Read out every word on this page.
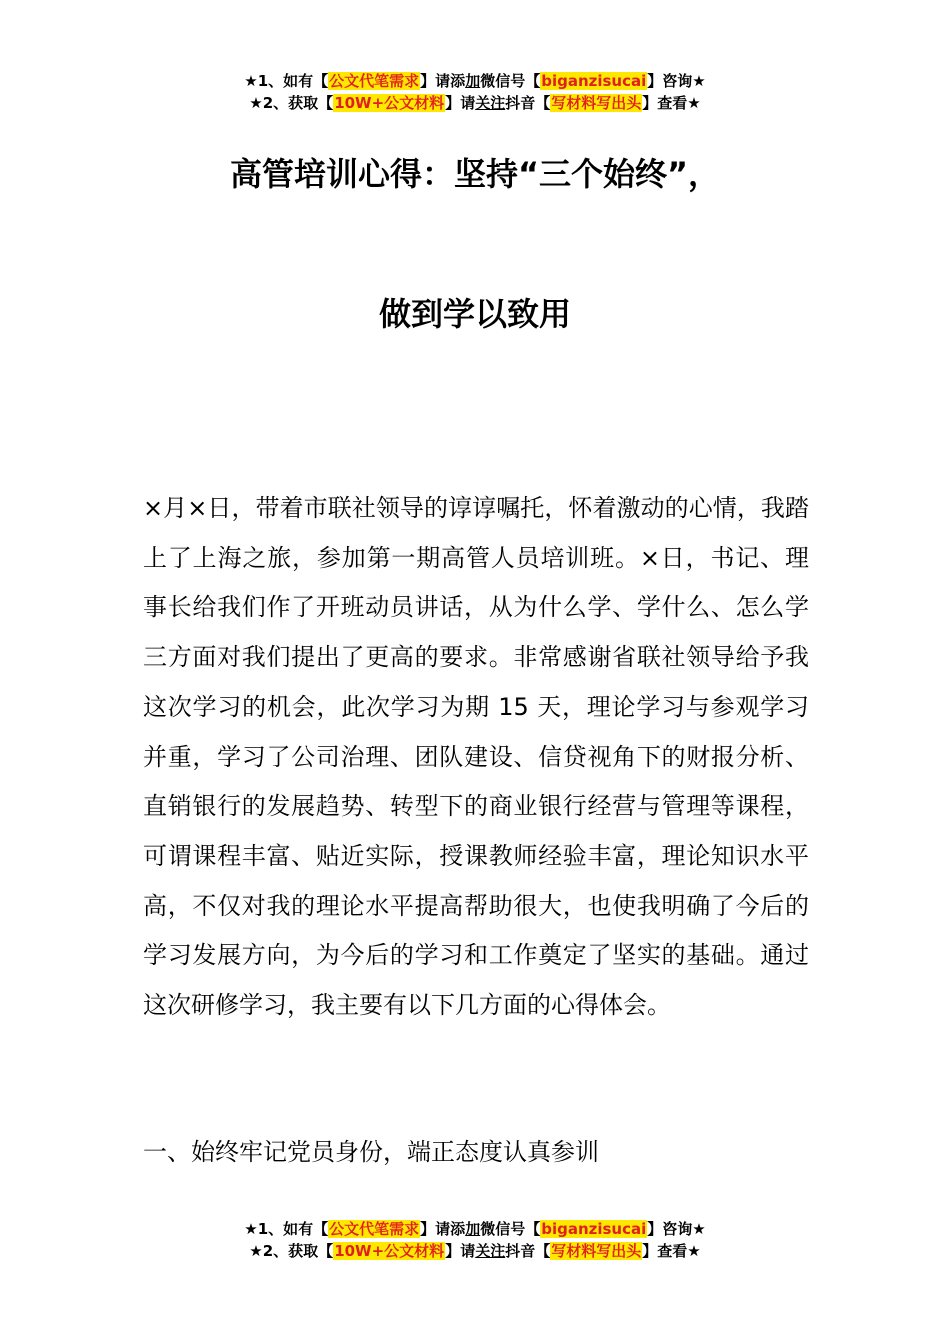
★1、如有【公文代笔需求】请添加微信号【biganzisucai】咨询★
★2、获取【10W+公文材料】请关注抖音【写材料写出头】查看★
高管培训心得：坚持“三个始终”，
做到学以致用

×月×日，带着市联社领导的谆谆嘱托，怀着激动的心情，我踏上了上海之旅，参加第一期高管人员培训班。×日，书记、理事长给我们作了开班动员讲话，从为什么学、学什么、怎么学三方面对我们提出了更高的要求。非常感谢省联社领导给予我这次学习的机会，此次学习为期 15 天，理论学习与参观学习并重，学习了公司治理、团队建设、信贷视角下的财报分析、直销银行的发展趋势、转型下的商业银行经营与管理等课程，可谓课程丰富、贴近实际，授课教师经验丰富，理论知识水平高，不仅对我的理论水平提高帮助很大，也使我明确了今后的学习发展方向，为今后的学习和工作奠定了坚实的基础。通过这次研修学习，我主要有以下几方面的心得体会。

一、始终牢记党员身份，端正态度认真参训

★1、如有【公文代笔需求】请添加微信号【biganzisucai】咨询★
★2、获取【10W+公文材料】请关注抖音【写材料写出头】查看★
